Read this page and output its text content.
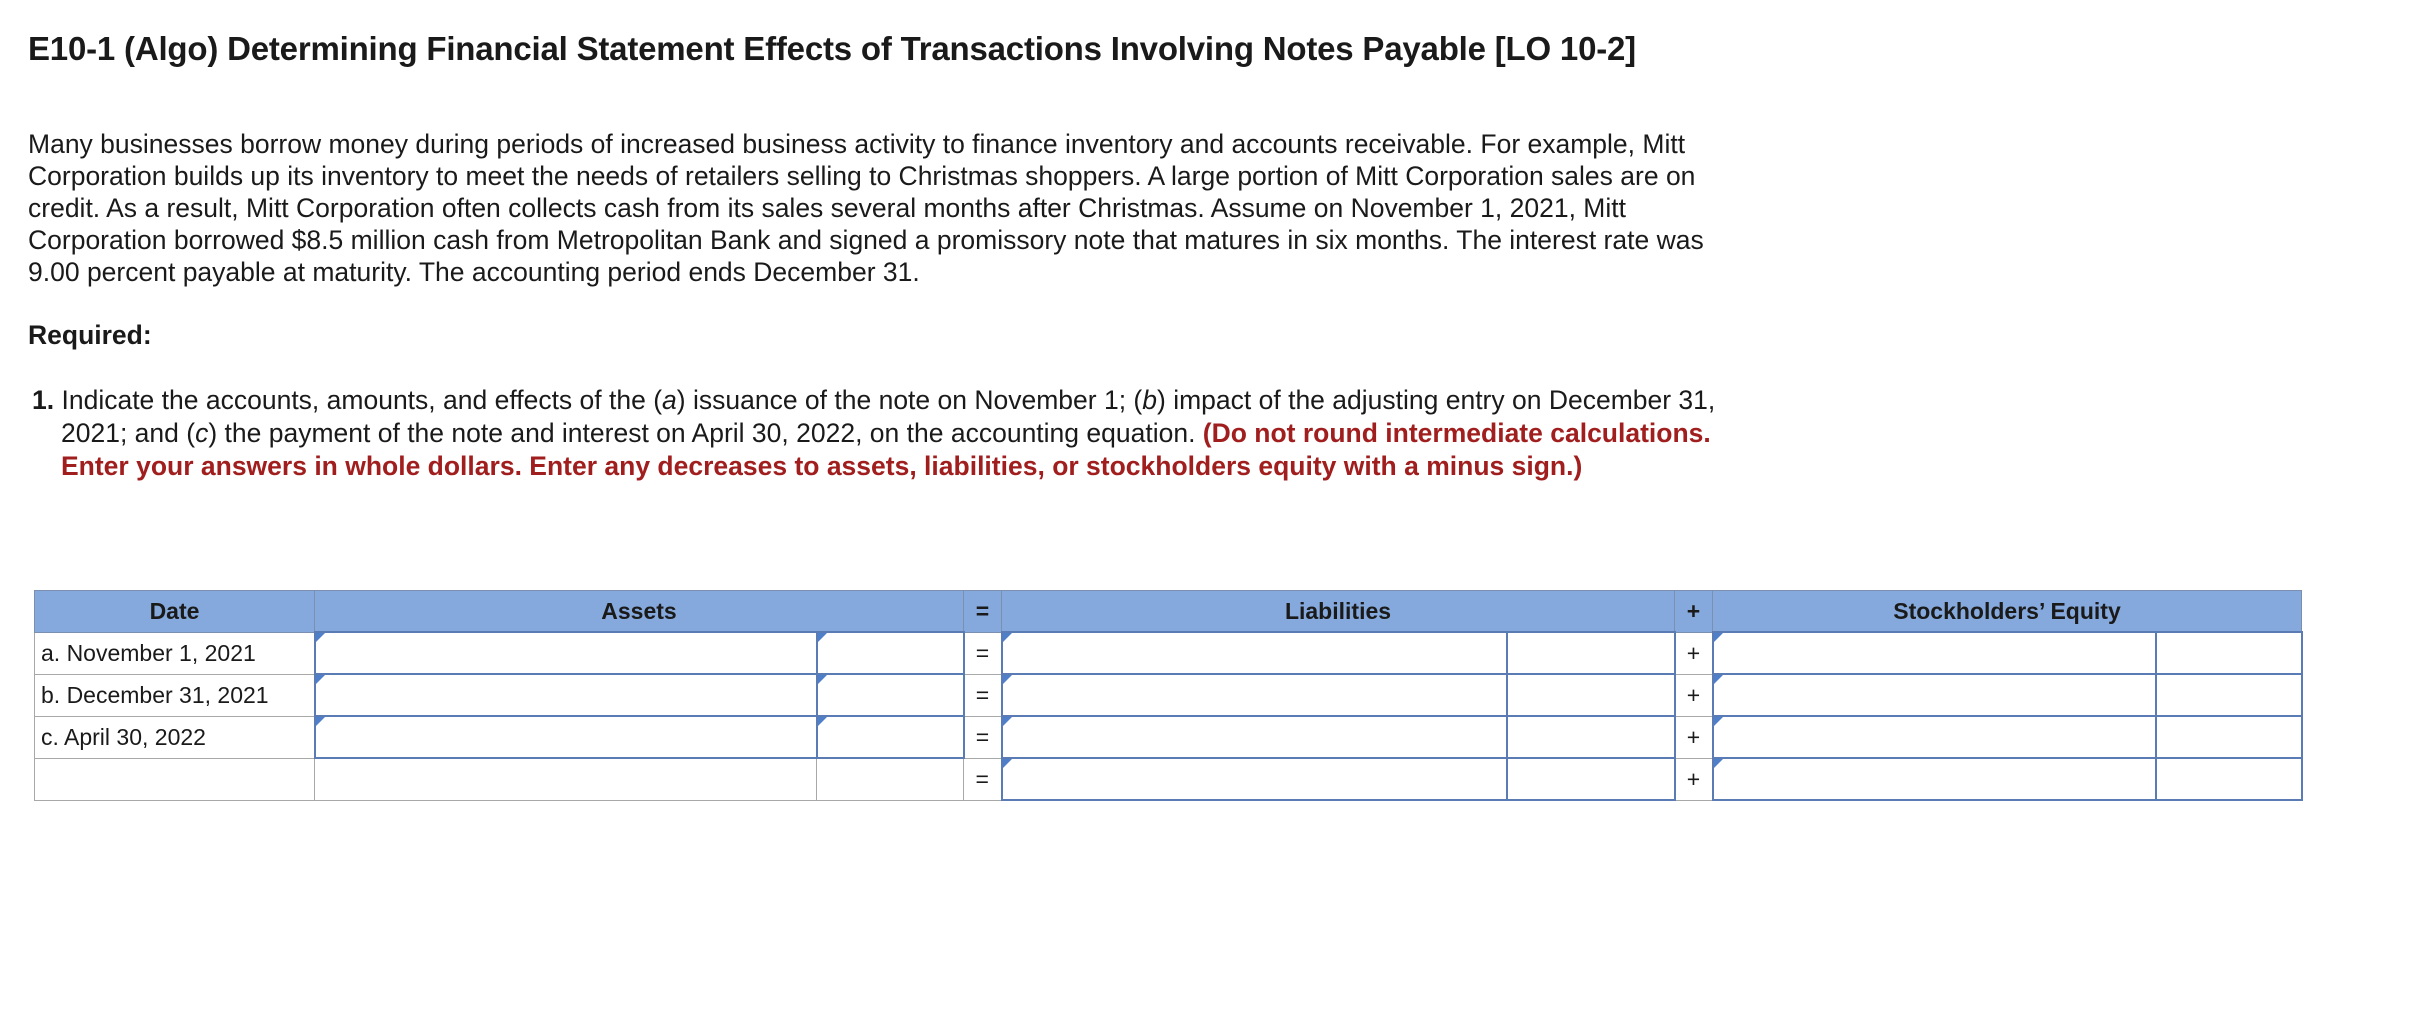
E10-1 (Algo) Determining Financial Statement Effects of Transactions Involving Notes Payable [LO 10-2]
Many businesses borrow money during periods of increased business activity to finance inventory and accounts receivable. For example, Mitt Corporation builds up its inventory to meet the needs of retailers selling to Christmas shoppers. A large portion of Mitt Corporation sales are on credit. As a result, Mitt Corporation often collects cash from its sales several months after Christmas. Assume on November 1, 2021, Mitt Corporation borrowed $8.5 million cash from Metropolitan Bank and signed a promissory note that matures in six months. The interest rate was 9.00 percent payable at maturity. The accounting period ends December 31.
Required:
1. Indicate the accounts, amounts, and effects of the (a) issuance of the note on November 1; (b) impact of the adjusting entry on December 31, 2021; and (c) the payment of the note and interest on April 30, 2022, on the accounting equation. (Do not round intermediate calculations. Enter your answers in whole dollars. Enter any decreases to assets, liabilities, or stockholders equity with a minus sign.)
Date	Assets		=	Liabilities		+	Stockholders’ Equity	
a. November 1, 2021			=			+	

b. December 31, 2021			=			+	

c. April 30, 2022			=			+	

			=			+	
